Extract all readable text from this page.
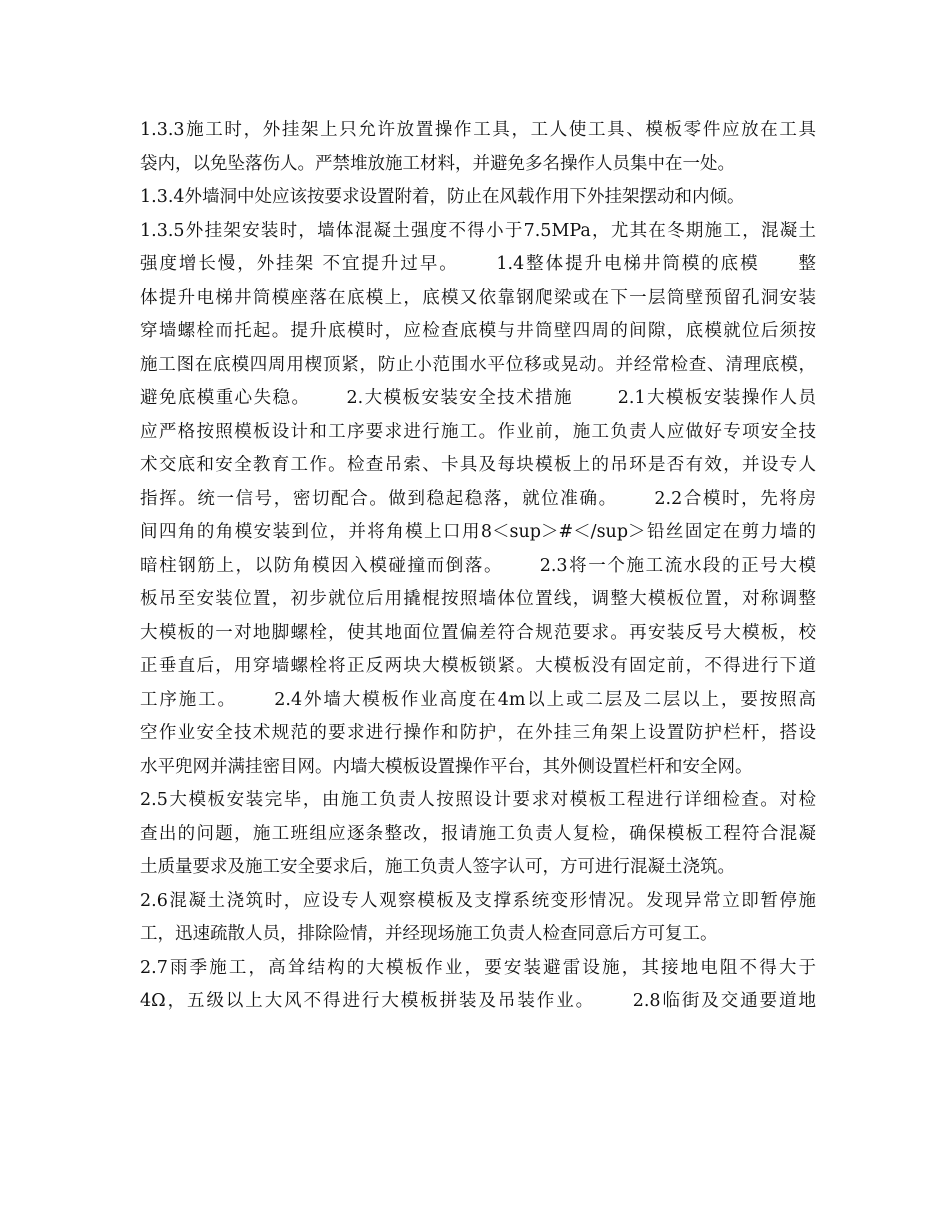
1.3.3施工时，外挂架上只允许放置操作工具，工人使工具、模板零件应放在工具
袋内，以免坠落伤人。严禁堆放施工材料，并避免多名操作人员集中在一处。
1.3.4外墙洞中处应该按要求设置附着，防止在风载作用下外挂架摆动和内倾。
1.3.5外挂架安装时，墙体混凝土强度不得小于7.5MPa，尤其在冬期施工，混凝土
强度增长慢，外挂架 不宜提升过早。　　 1.4整体提升电梯井筒模的底模　　整
体提升电梯井筒模座落在底模上，底模又依靠钢爬梁或在下一层筒壁预留孔洞安装
穿墙螺栓而托起。提升底模时，应检查底模与井筒壁四周的间隙，底模就位后须按
施工图在底模四周用楔顶紧，防止小范围水平位移或晃动。并经常检查、清理底模，
避免底模重心失稳。　　 2.大模板安装安全技术措施　　 2.1大模板安装操作人员
应严格按照模板设计和工序要求进行施工。作业前，施工负责人应做好专项安全技
术交底和安全教育工作。检查吊索、卡具及每块模板上的吊环是否有效，并设专人
指挥。统一信号，密切配合。做到稳起稳落，就位准确。　　 2.2合模时，先将房
间四角的角模安装到位，并将角模上口用8＜sup＞#＜/sup＞铅丝固定在剪力墙的
暗柱钢筋上，以防角模因入模碰撞而倒落。　　 2.3将一个施工流水段的正号大模
板吊至安装位置，初步就位后用撬棍按照墙体位置线，调整大模板位置，对称调整
大模板的一对地脚螺栓，使其地面位置偏差符合规范要求。再安装反号大模板，校
正垂直后，用穿墙螺栓将正反两块大模板锁紧。大模板没有固定前，不得进行下道
工序施工。　　 2.4外墙大模板作业高度在4m以上或二层及二层以上，要按照高
空作业安全技术规范的要求进行操作和防护，在外挂三角架上设置防护栏杆，搭设
水平兜网并满挂密目网。内墙大模板设置操作平台，其外侧设置栏杆和安全网。
2.5大模板安装完毕，由施工负责人按照设计要求对模板工程进行详细检查。对检
查出的问题，施工班组应逐条整改，报请施工负责人复检，确保模板工程符合混凝
土质量要求及施工安全要求后，施工负责人签字认可，方可进行混凝土浇筑。
2.6混凝土浇筑时，应设专人观察模板及支撑系统变形情况。发现异常立即暂停施
工，迅速疏散人员，排除险情，并经现场施工负责人检查同意后方可复工。
2.7雨季施工，高耸结构的大模板作业，要安装避雷设施，其接地电阻不得大于
4Ω，五级以上大风不得进行大模板拼装及吊装作业。　　 2.8临街及交通要道地
